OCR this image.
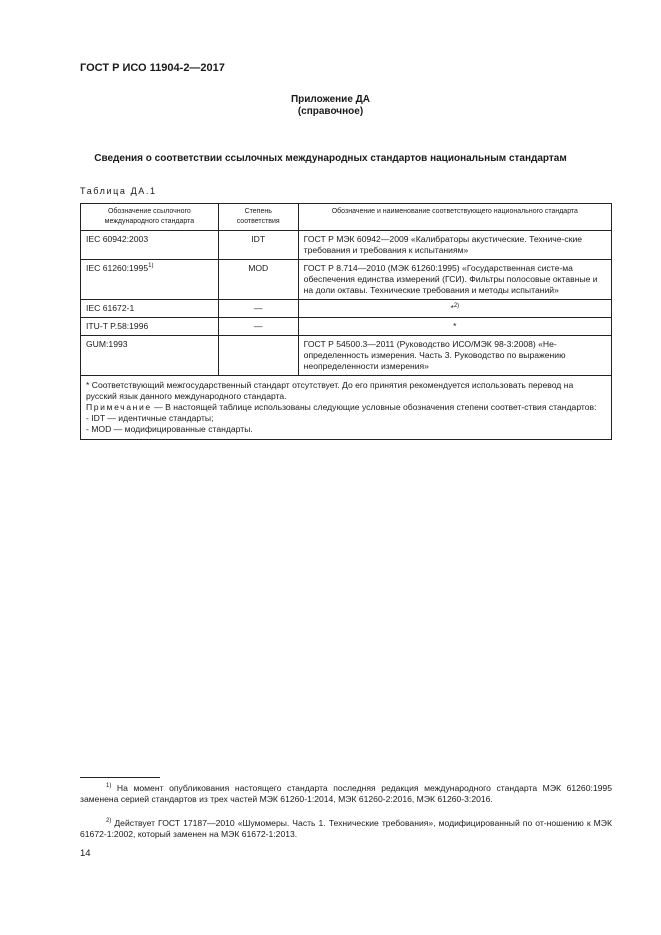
ГОСТ Р ИСО 11904-2—2017
Приложение ДА
(справочное)
Сведения о соответствии ссылочных международных стандартов национальным стандартам
Таблица ДА.1
Обозначение ссылочного международного стандарта	Степень соответствия	Обозначение и наименование соответствующего национального стандарта
IEC 60942:2003	IDT	ГОСТ Р МЭК 60942—2009 «Калибраторы акустические. Техниче-ские требования и требования к испытаниям»
IEC 61260:1995$^{1)}$	MOD	ГОСТ Р 8.714—2010 (МЭК 61260:1995) «Государственная систе-ма обеспечения единства измерений (ГСИ). Фильтры полосовые октавные и на доли октавы. Технические требования и методы испытаний»
IEC 61672-1	—	*$^{2)}$
ITU-T P.58:1996	—	*
GUM:1993		ГОСТ Р 54500.3—2011 (Руководство ИСО/МЭК 98-3:2008) «Не-определенность измерения. Часть 3. Руководство по выражению неопределенности измерения»

* Соответствующий межгосударственный стандарт отсутствует. До его принятия рекомендуется использовать перевод на русский язык данного международного стандарта.
Примечание — В настоящей таблице использованы следующие условные обозначения степени соответ-ствия стандартов:
- IDT — идентичные стандарты;
- MOD — модифицированные стандарты.		
$^{1)}$ На момент опубликования настоящего стандарта последняя редакция международного стандарта МЭК 61260:1995 заменена серией стандартов из трех частей МЭК 61260-1:2014, МЭК 61260-2:2016, МЭК 61260-3:2016.
$^{2)}$ Действует ГОСТ 17187—2010 «Шумомеры. Часть 1. Технические требования», модифицированный по от-ношению к МЭК 61672-1:2002, который заменен на МЭК 61672-1:2013.
14
